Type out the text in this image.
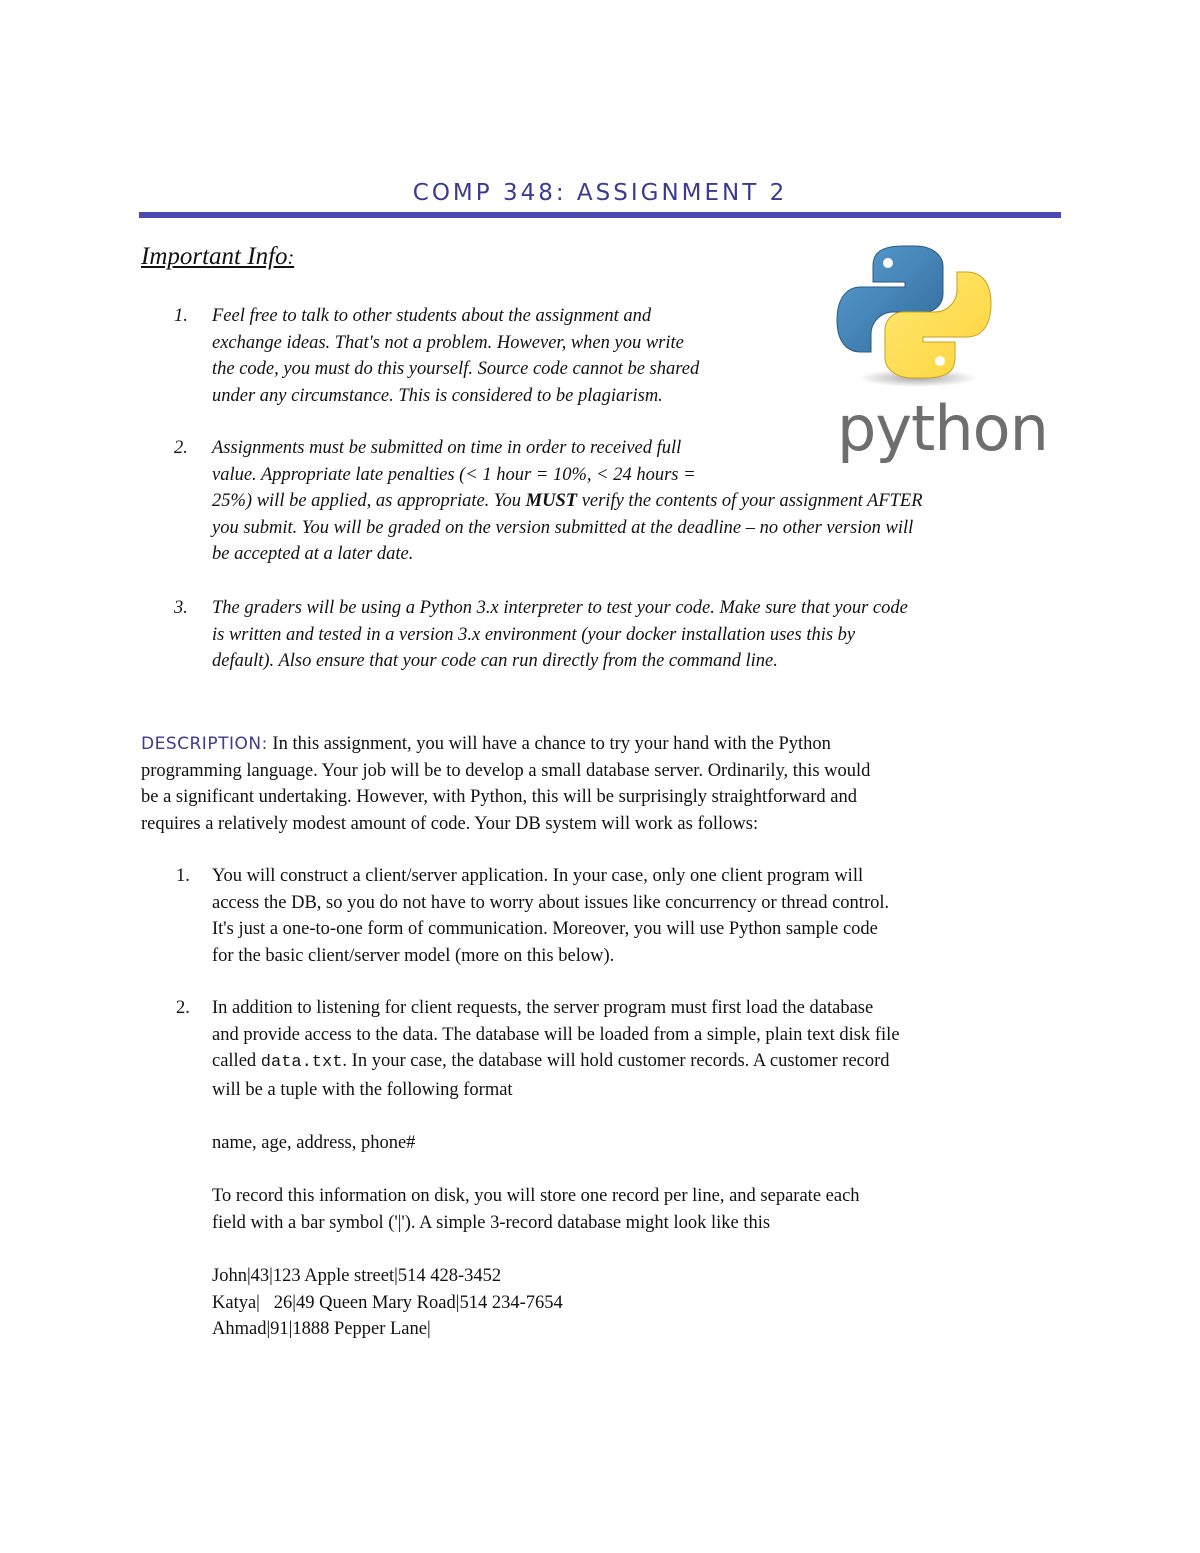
COMP 348: ASSIGNMENT 2
Important Info:
python
1. Feel free to talk to other students about the assignment and
exchange ideas. That's not a problem. However, when you write
the code, you must do this yourself. Source code cannot be shared
under any circumstance. This is considered to be plagiarism.
2. Assignments must be submitted on time in order to received full
value. Appropriate late penalties (< 1 hour = 10%, < 24 hours =
25%) will be applied, as appropriate. You MUST verify the contents of your assignment AFTER
you submit. You will be graded on the version submitted at the deadline – no other version will
be accepted at a later date.
3. The graders will be using a Python 3.x interpreter to test your code. Make sure that your code
is written and tested in a version 3.x environment (your docker installation uses this by
default). Also ensure that your code can run directly from the command line.
DESCRIPTION: In this assignment, you will have a chance to try your hand with the Python
programming language. Your job will be to develop a small database server. Ordinarily, this would
be a significant undertaking. However, with Python, this will be surprisingly straightforward and
requires a relatively modest amount of code. Your DB system will work as follows:
1. You will construct a client/server application. In your case, only one client program will
access the DB, so you do not have to worry about issues like concurrency or thread control.
It's just a one-to-one form of communication. Moreover, you will use Python sample code
for the basic client/server model (more on this below).
2. In addition to listening for client requests, the server program must first load the database
and provide access to the data. The database will be loaded from a simple, plain text disk file
called data.txt. In your case, the database will hold customer records. A customer record
will be a tuple with the following format
name, age, address, phone#
To record this information on disk, you will store one record per line, and separate each
field with a bar symbol ('|'). A simple 3-record database might look like this
John|43|123 Apple street|514 428-3452
Katya|   26|49 Queen Mary Road|514 234-7654
Ahmad|91|1888 Pepper Lane|
